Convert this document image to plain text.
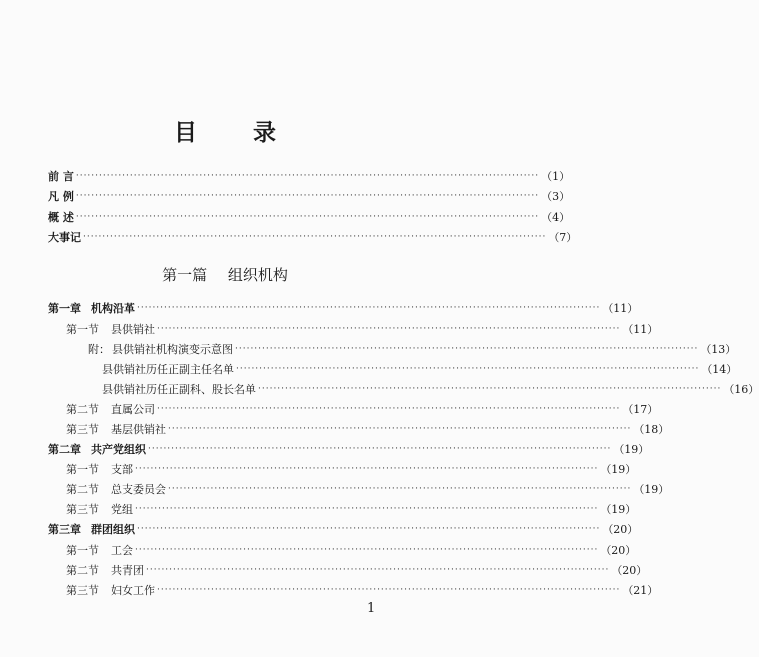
目 录
前 言 ························································································································ （1）
凡 例 ························································································································ （3）
概 述 ························································································································ （4）
大事记 ························································································································ （7）
第一篇 组织机构
第一章 机构沿革 ························································································································ （11）
第一节 县供销社 ························································································································ （11）
附： 县供销社机构演变示意图 ························································································································ （13）
县供销社历任正副主任名单 ························································································································ （14）
县供销社历任正副科、股长名单 ························································································································ （16）
第二节 直属公司 ························································································································ （17）
第三节 基层供销社 ························································································································ （18）
第二章 共产党组织 ························································································································ （19）
第一节 支部 ························································································································ （19）
第二节 总支委员会 ························································································································ （19）
第三节 党组 ························································································································ （19）
第三章 群团组织 ························································································································ （20）
第一节 工会 ························································································································ （20）
第二节 共青团 ························································································································ （20）
第三节 妇女工作 ························································································································ （21）
1
